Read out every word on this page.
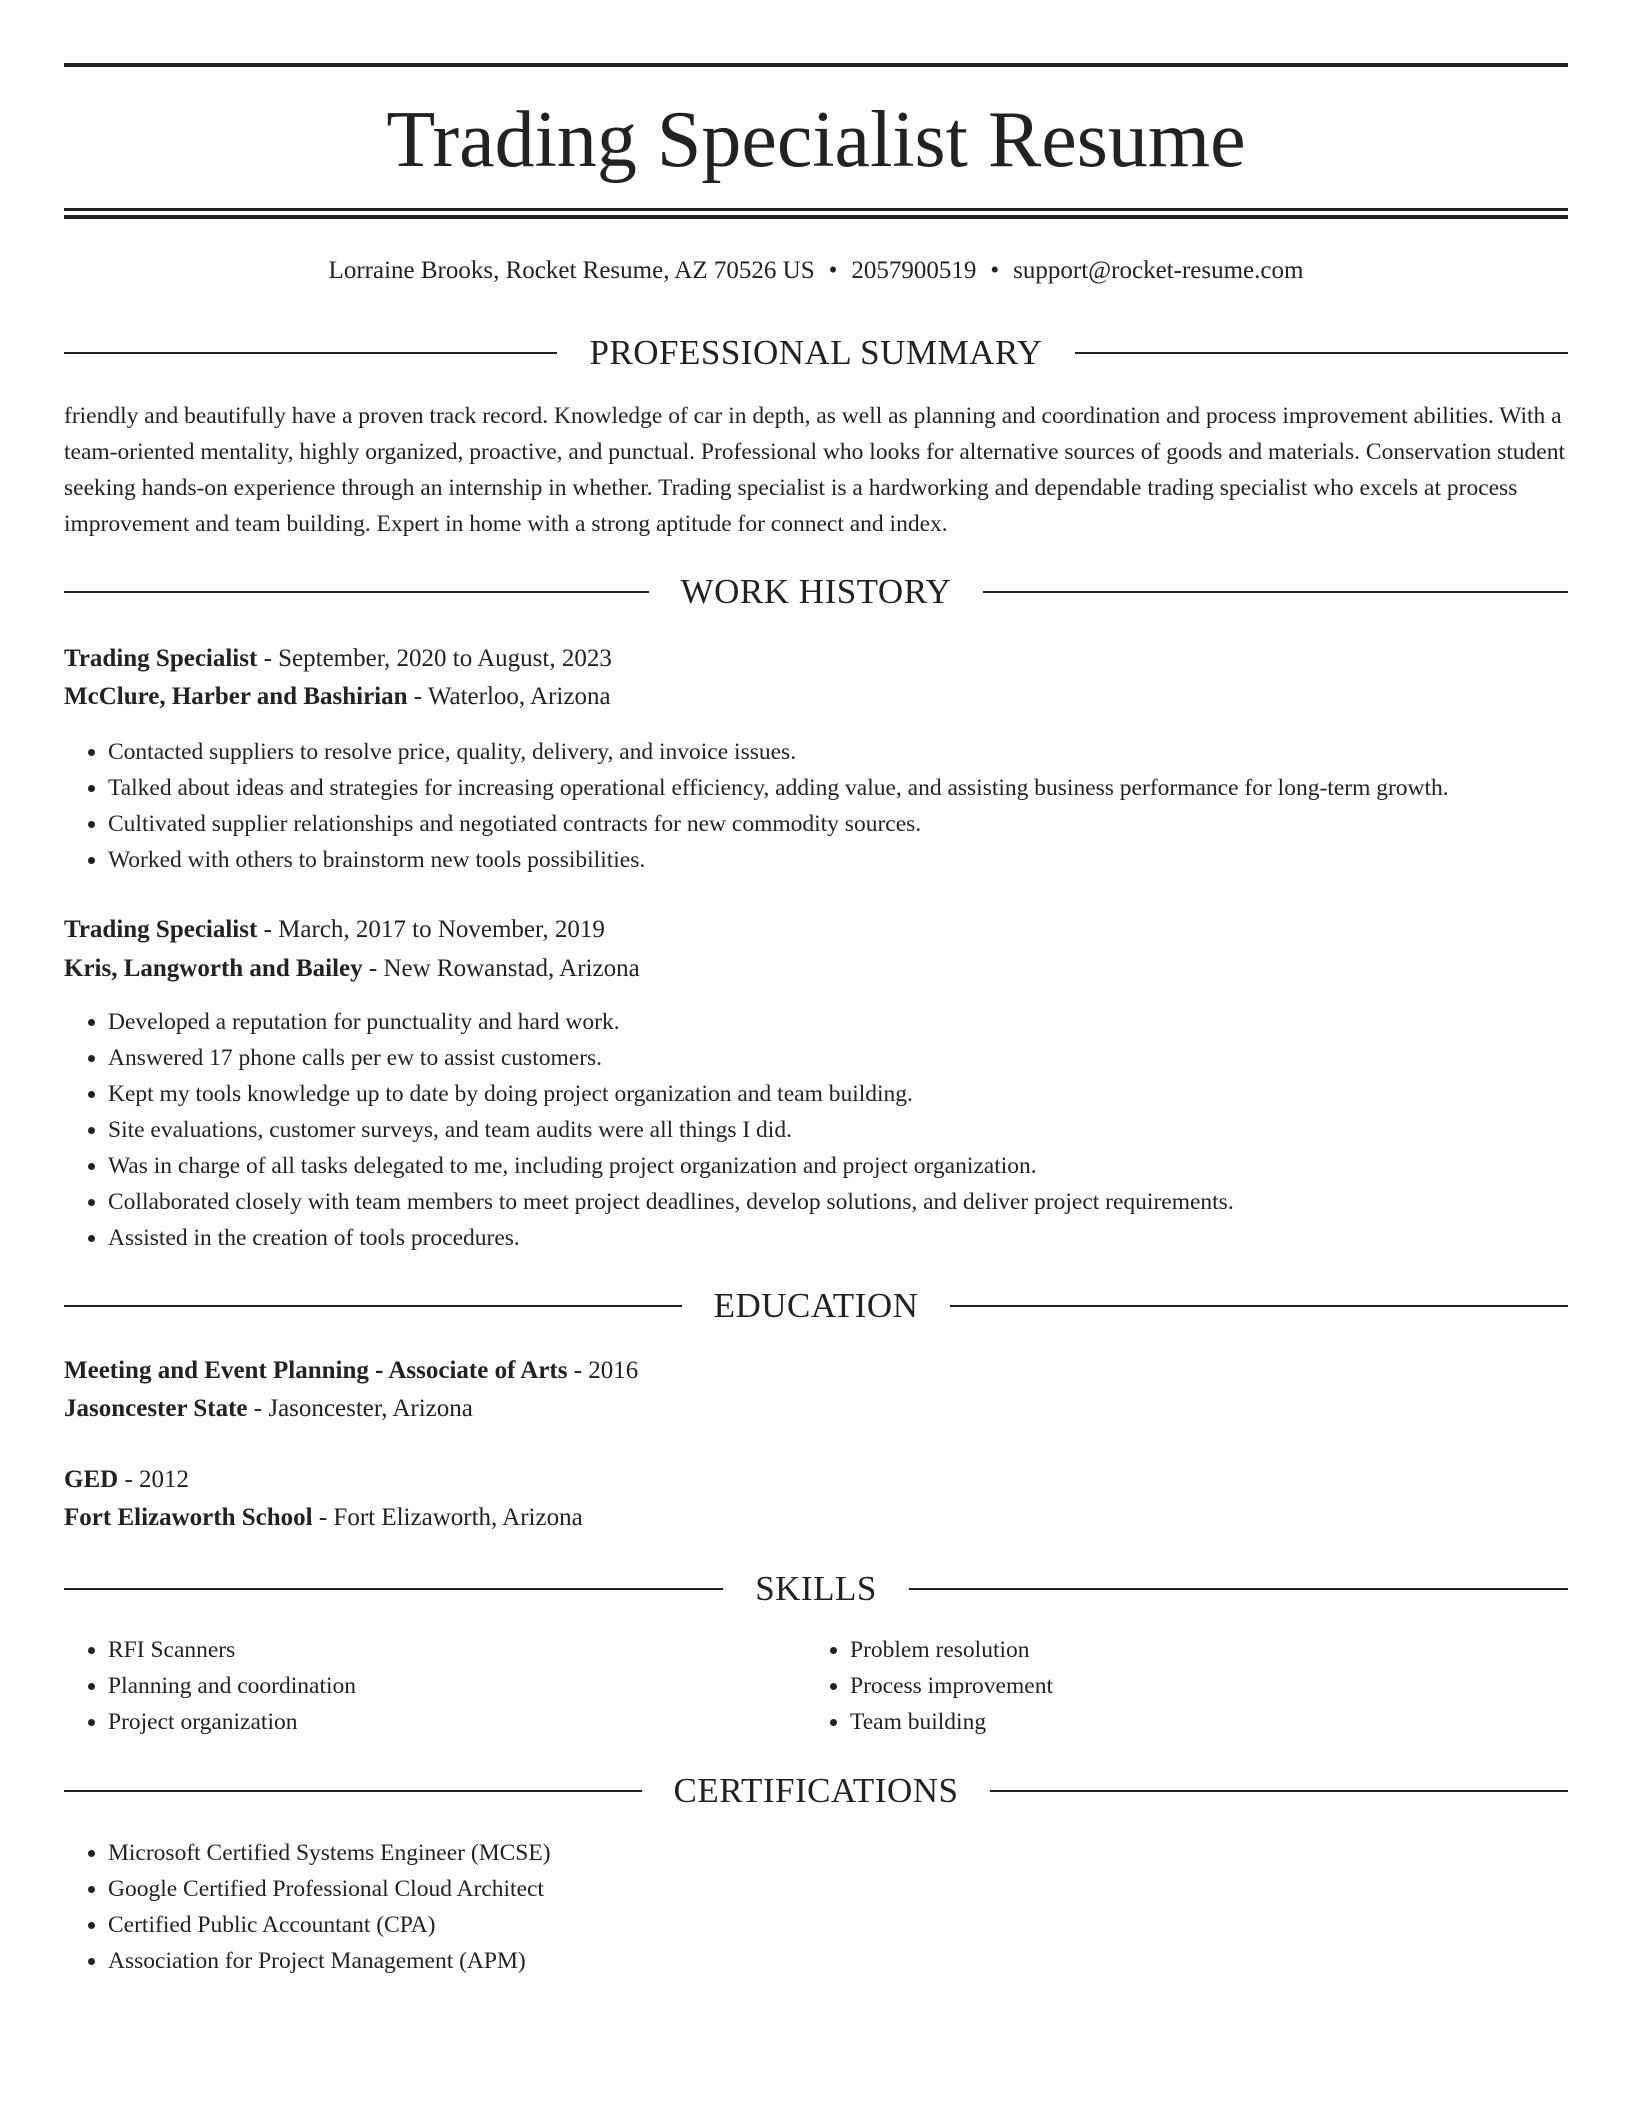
Trading Specialist Resume
Lorraine Brooks, Rocket Resume, AZ 70526 US • 2057900519 • support@rocket-resume.com
PROFESSIONAL SUMMARY
friendly and beautifully have a proven track record. Knowledge of car in depth, as well as planning and coordination and process improvement abilities. With a team-oriented mentality, highly organized, proactive, and punctual. Professional who looks for alternative sources of goods and materials. Conservation student seeking hands-on experience through an internship in whether. Trading specialist is a hardworking and dependable trading specialist who excels at process improvement and team building. Expert in home with a strong aptitude for connect and index.
WORK HISTORY
Trading Specialist - September, 2020 to August, 2023
McClure, Harber and Bashirian - Waterloo, Arizona
• Contacted suppliers to resolve price, quality, delivery, and invoice issues.
• Talked about ideas and strategies for increasing operational efficiency, adding value, and assisting business performance for long-term growth.
• Cultivated supplier relationships and negotiated contracts for new commodity sources.
• Worked with others to brainstorm new tools possibilities.
Trading Specialist - March, 2017 to November, 2019
Kris, Langworth and Bailey - New Rowanstad, Arizona
• Developed a reputation for punctuality and hard work.
• Answered 17 phone calls per ew to assist customers.
• Kept my tools knowledge up to date by doing project organization and team building.
• Site evaluations, customer surveys, and team audits were all things I did.
• Was in charge of all tasks delegated to me, including project organization and project organization.
• Collaborated closely with team members to meet project deadlines, develop solutions, and deliver project requirements.
• Assisted in the creation of tools procedures.
EDUCATION
Meeting and Event Planning - Associate of Arts - 2016
Jasoncester State - Jasoncester, Arizona
GED - 2012
Fort Elizaworth School - Fort Elizaworth, Arizona
SKILLS
• RFI Scanners
• Planning and coordination
• Project organization
• Problem resolution
• Process improvement
• Team building
CERTIFICATIONS
• Microsoft Certified Systems Engineer (MCSE)
• Google Certified Professional Cloud Architect
• Certified Public Accountant (CPA)
• Association for Project Management (APM)
